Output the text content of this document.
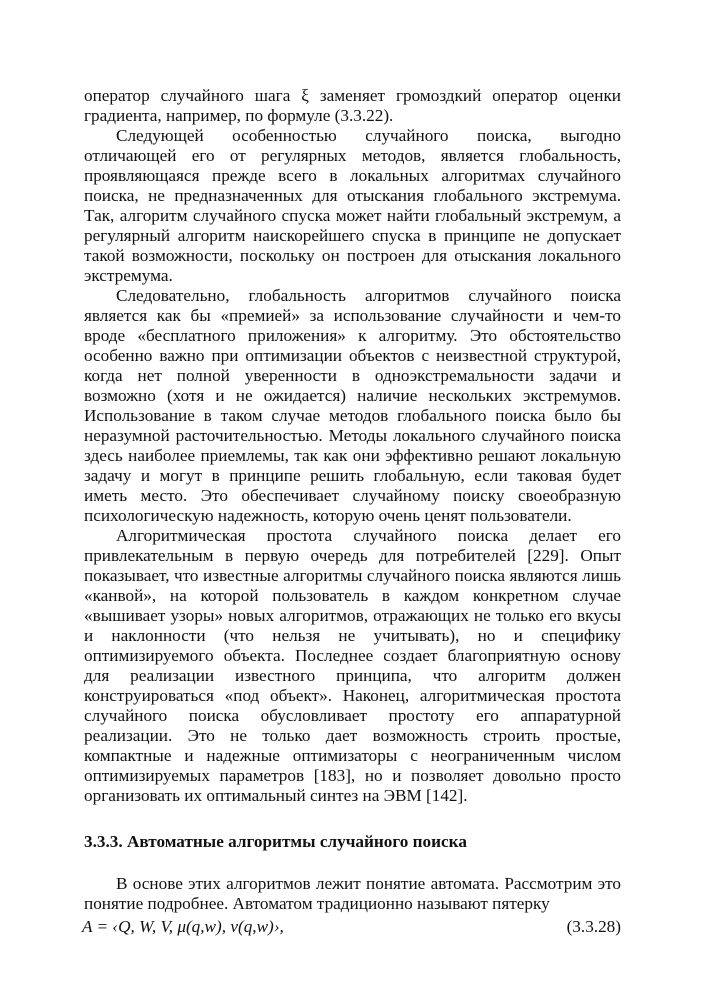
оператор случайного шага ξ заменяет громоздкий оператор оценки градиента, например, по формуле (3.3.22).

Следующей особенностью случайного поиска, выгодно отличающей его от регулярных методов, является глобальность, проявляющаяся прежде всего в локальных алгоритмах случайного поиска, не предназначенных для отыскания глобального экстремума. Так, алгоритм случайного спуска может найти глобальный экстремум, а регулярный алгоритм наискорейшего спуска в принципе не допускает такой возможности, поскольку он построен для отыскания локального экстремума.

Следовательно, глобальность алгоритмов случайного поиска является как бы «премией» за использование случайности и чем-то вроде «бесплатного приложения» к алгоритму. Это обстоятельство особенно важно при оптимизации объектов с неизвестной структурой, когда нет полной уверенности в одноэкстремальности задачи и возможно (хотя и не ожидается) наличие нескольких экстремумов. Использование в таком случае методов глобального поиска было бы неразумной расточительностью. Методы локального случайного поиска здесь наиболее приемлемы, так как они эффективно решают локальную задачу и могут в принципе решить глобальную, если таковая будет иметь место. Это обеспечивает случайному поиску своеобразную психологическую надежность, которую очень ценят пользователи.

Алгоритмическая простота случайного поиска делает его привлекательным в первую очередь для потребителей [229]. Опыт показывает, что известные алгоритмы случайного поиска являются лишь «канвой», на которой пользователь в каждом конкретном случае «вышивает узоры» новых алгоритмов, отражающих не только его вкусы и наклонности (что нельзя не учитывать), но и специфику оптимизируемого объекта. Последнее создает благоприятную основу для реализации известного принципа, что алгоритм должен конструироваться «под объект». Наконец, алгоритмическая простота случайного поиска обусловливает простоту его аппаратурной реализации. Это не только дает возможность строить простые, компактные и надежные оптимизаторы с неограниченным числом оптимизируемых параметров [183], но и позволяет довольно просто организовать их оптимальный синтез на ЭВМ [142].

3.3.3. Автоматные алгоритмы случайного поиска

В основе этих алгоритмов лежит понятие автомата. Рассмотрим это понятие подробнее. Автоматом традиционно называют пятерку

A = ‹Q, W, V, μ(q,w), ν(q,w)›,	(3.3.28)
